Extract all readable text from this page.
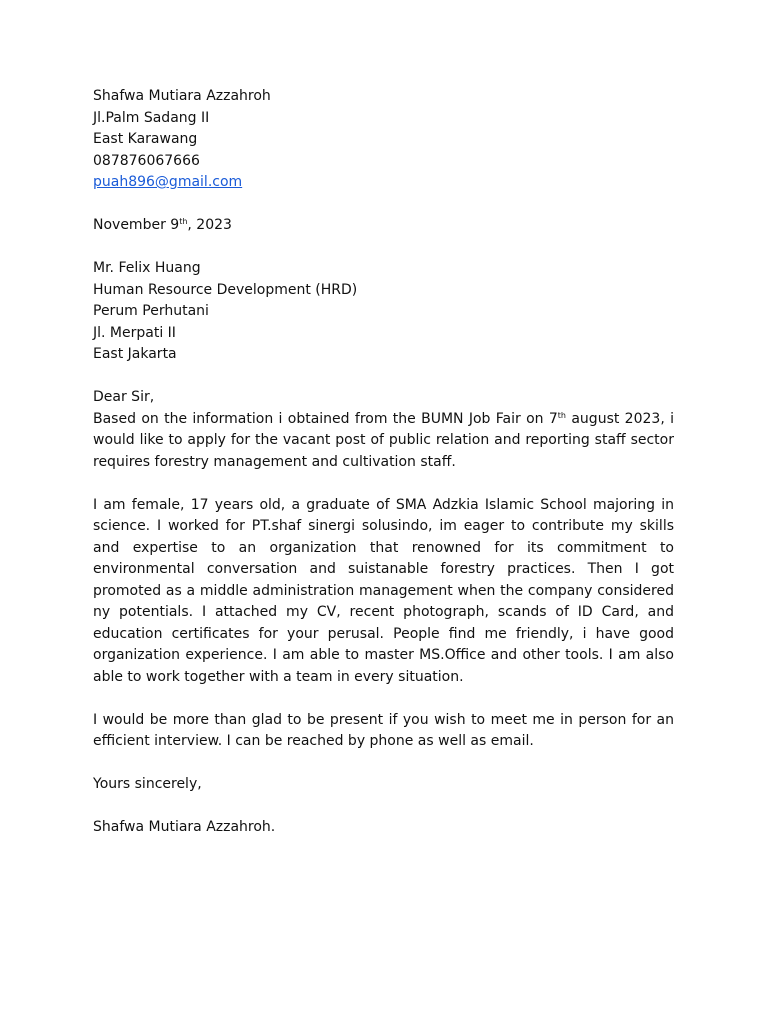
Shafwa Mutiara Azzahroh
Jl.Palm Sadang II
East Karawang
087876067666
puah896@gmail.com
November 9th, 2023
Mr. Felix Huang
Human Resource Development (HRD)
Perum Perhutani
Jl. Merpati II
East Jakarta
Dear Sir,

Based on the information i obtained from the BUMN Job Fair on 7th august 2023, i would like to apply for the vacant post of public relation and reporting staff sector requires forestry management and cultivation staff.

I am female, 17 years old, a graduate of SMA Adzkia Islamic School majoring in science. I worked for PT.shaf sinergi solusindo, im eager to contribute my skills and expertise to an organization that renowned for its commitment to environmental conversation and suistanable forestry practices. Then I got promoted as a middle administration management when the company considered ny potentials. I attached my CV, recent photograph, scands of ID Card, and education certificates for your perusal. People find me friendly, i have good organization experience. I am able to master MS.Office and other tools. I am also able to work together with a team in every situation.

I would be more than glad to be present if you wish to meet me in person for an efficient interview. I can be reached by phone as well as email.

Yours sincerely,
Shafwa Mutiara Azzahroh.
